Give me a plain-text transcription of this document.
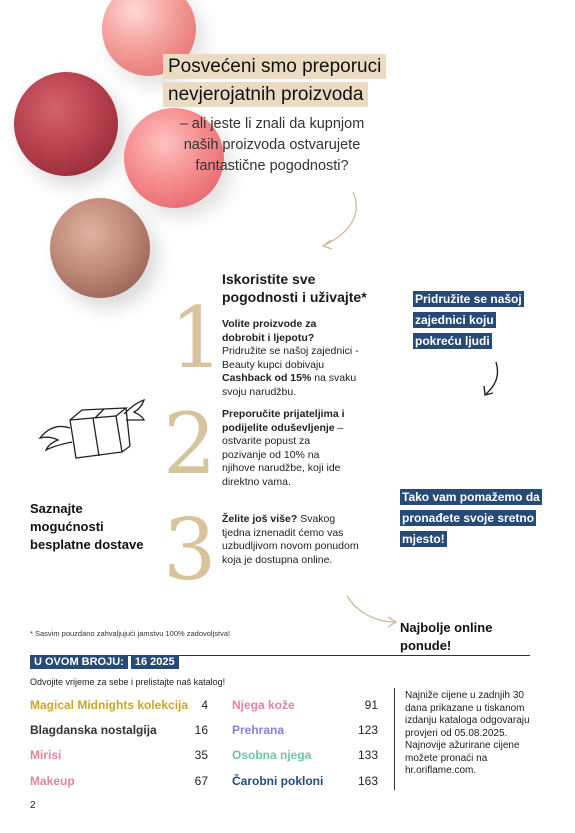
Posvećeni smo preporuci
nevjerojatnih proizvoda
– ali jeste li znali da kupnjom naših proizvoda ostvarujete fantastične pogodnosti?
Iskoristite sve
pogodnosti i uživajte*
1
2
3
Volite proizvode za dobrobit i ljepotu? Pridružite se našoj zajednici - Beauty kupci dobivaju Cashback od 15% na svaku svoju narudžbu.
Preporučite prijateljima i podijelite oduševljenje – ostvarite popust za pozivanje od 10% na njihove narudžbe, koji ide direktno vama.
Želite još više? Svakog tjedna iznenadit ćemo vas uzbudljivom novom ponudom koja je dostupna online.
Pridružite se našoj zajednici koju pokreću ljudi
Tako vam pomažemo da pronađete svoje sretno mjesto!
Saznajte mogućnosti besplatne dostave
Najbolje online ponude!
* Sasvim pouzdano zahvaljujući jamstvu 100% zadovoljstva!
U OVOM BROJU: 16 2025
Odvojite vrijeme za sebe i prelistajte naš katalog!
Magical Midnights kolekcija 4
Blagdanska nostalgija	16
Mirisi	35
Makeup	67
Njega kože	91
Prehrana	123
Osobna njega	133
Čarobni pokloni	163
Najniže cijene u zadnjih 30 dana prikazane u tiskanom izdanju kataloga odgovaraju provjeri od 05.08.2025. Najnovije ažurirane cijene možete pronaći na hr.oriflame.com.
2
